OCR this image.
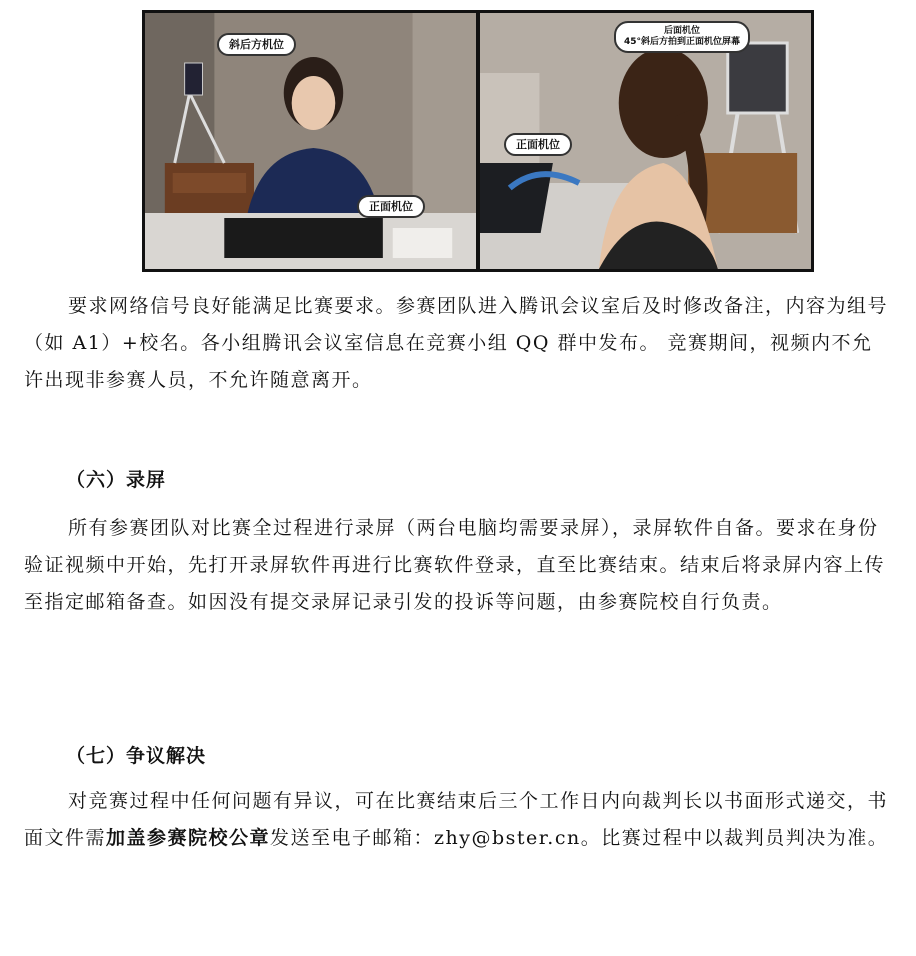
斜后方机位
正面机位
后面机位
45°斜后方拍到正面机位屏幕
正面机位

要求网络信号良好能满足比赛要求。参赛团队进入腾讯会议室后及时修改备注，内容为组号（如 A1）+校名。各小组腾讯会议室信息在竞赛小组 QQ 群中发布。 竞赛期间，视频内不允许出现非参赛人员，不允许随意离开。

（六）录屏

所有参赛团队对比赛全过程进行录屏（两台电脑均需要录屏），录屏软件自备。要求在身份验证视频中开始，先打开录屏软件再进行比赛软件登录，直至比赛结束。结束后将录屏内容上传至指定邮箱备查。如因没有提交录屏记录引发的投诉等问题，由参赛院校自行负责。

（七）争议解决

对竞赛过程中任何问题有异议，可在比赛结束后三个工作日内向裁判长以书面形式递交，书面文件需加盖参赛院校公章发送至电子邮箱：zhy@bster.cn。比赛过程中以裁判员判决为准。
